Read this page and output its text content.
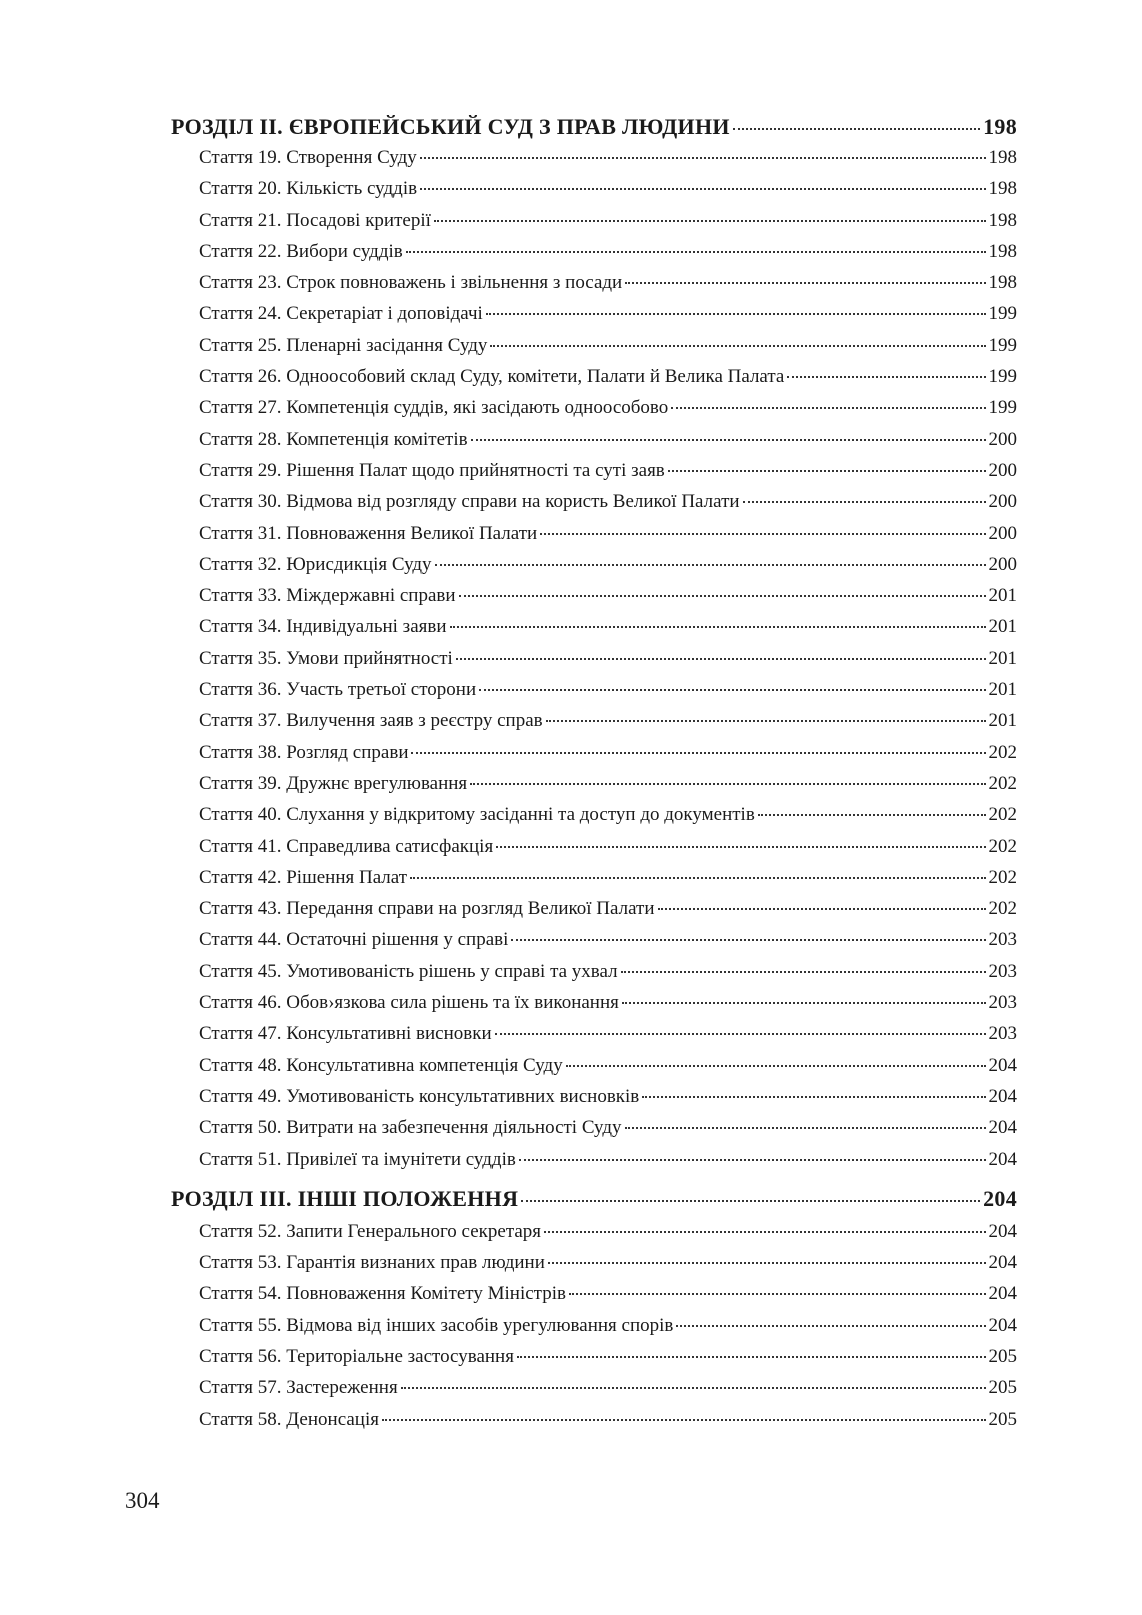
РОЗДІЛ ІІ. ЄВРОПЕЙСЬКИЙ СУД З ПРАВ ЛЮДИНИ	198
Стаття 19. Створення Суду	198
Стаття 20. Кількість суддів	198
Стаття 21. Посадові критерії	198
Стаття 22. Вибори суддів	198
Стаття 23. Строк повноважень і звільнення з посади	198
Стаття 24. Секретаріат і доповідачі	199
Стаття 25. Пленарні засідання Суду	199
Стаття 26. Одноособовий склад Суду, комітети, Палати й Велика Палата	199
Стаття 27. Компетенція суддів, які засідають одноособово	199
Стаття 28. Компетенція комітетів	200
Стаття 29. Рішення Палат щодо прийнятності та суті заяв	200
Стаття 30. Відмова від розгляду справи на користь Великої Палати	200
Стаття 31. Повноваження Великої Палати	200
Стаття 32. Юрисдикція Суду	200
Стаття 33. Міждержавні справи	201
Стаття 34. Індивідуальні заяви	201
Стаття 35. Умови прийнятності	201
Стаття 36. Участь третьої сторони	201
Стаття 37. Вилучення заяв з реєстру справ	201
Стаття 38. Розгляд справи	202
Стаття 39. Дружнє врегулювання	202
Стаття 40. Слухання у відкритому засіданні та доступ до документів	202
Стаття 41. Справедлива сатисфакція	202
Стаття 42. Рішення Палат	202
Стаття 43. Передання справи на розгляд Великої Палати	202
Стаття 44. Остаточні рішення у справі	203
Стаття 45. Умотивованість рішень у справі та ухвал	203
Стаття 46. Обов›язкова сила рішень та їх виконання	203
Стаття 47. Консультативні висновки	203
Стаття 48. Консультативна компетенція Суду	204
Стаття 49. Умотивованість консультативних висновків	204
Стаття 50. Витрати на забезпечення діяльності Суду	204
Стаття 51. Привілеї та імунітети суддів	204
РОЗДІЛ ІІІ. ІНШІ ПОЛОЖЕННЯ	204
Стаття 52. Запити Генерального секретаря	204
Стаття 53. Гарантія визнаних прав людини	204
Стаття 54. Повноваження Комітету Міністрів	204
Стаття 55. Відмова від інших засобів урегулювання спорів	204
Стаття 56. Територіальне застосування	205
Стаття 57. Застереження	205
Стаття 58. Денонсація	205
304
